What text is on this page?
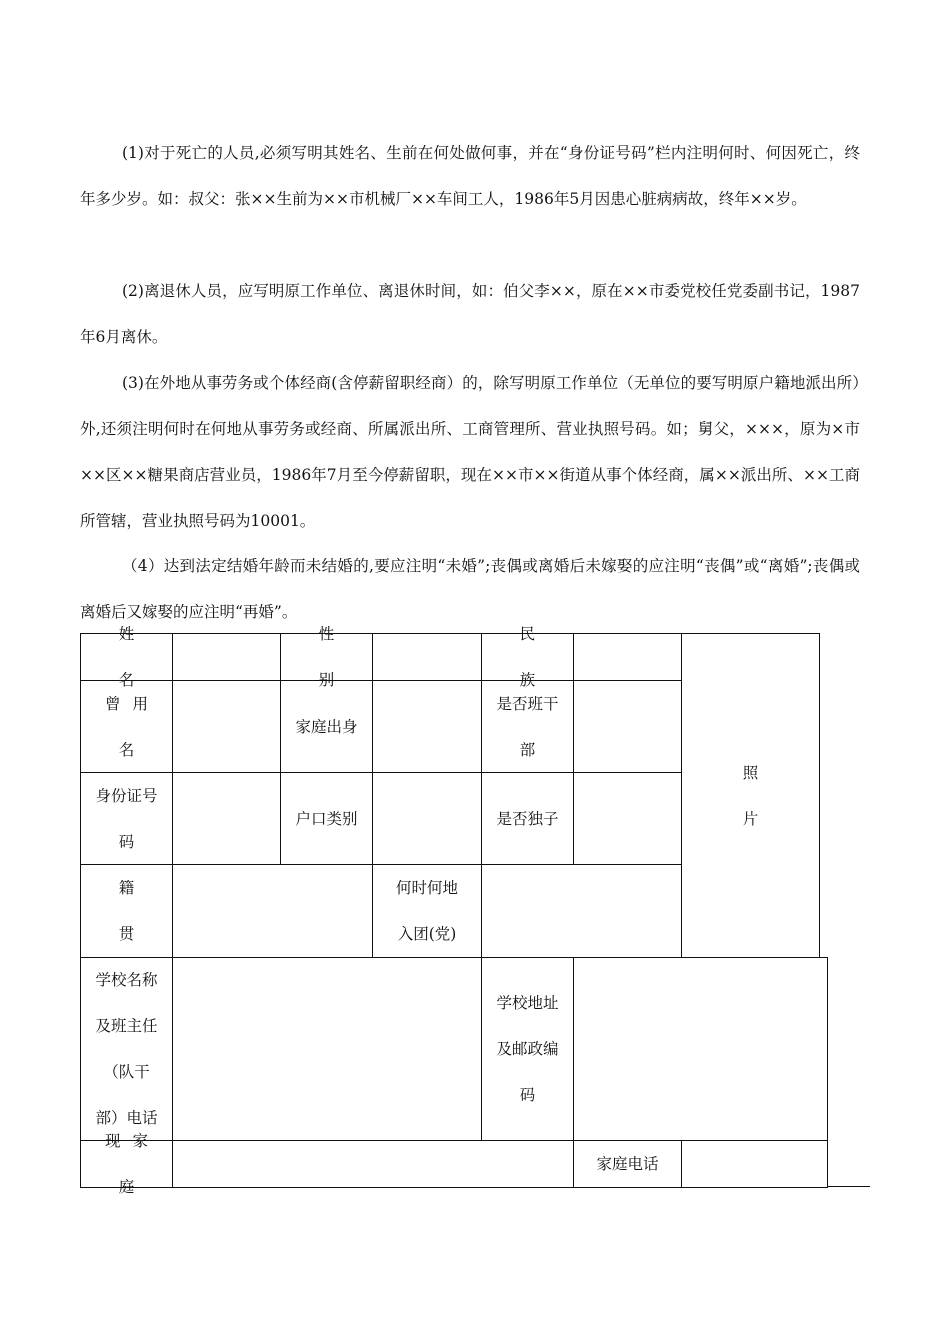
(1)对于死亡的人员,必须写明其姓名、生前在何处做何事，并在“身份证号码”栏内注明何时、何因死亡，终年多少岁。如：叔父：张××生前为××市机械厂××车间工人，1986年5月因患心脏病病故，终年××岁。

(2)离退休人员，应写明原工作单位、离退休时间，如：伯父李××，原在××市委党校任党委副书记，1987年6月离休。

(3)在外地从事劳务或个体经商(含停薪留职经商）的，除写明原工作单位（无单位的要写明原户籍地派出所）外,还须注明何时在何地从事劳务或经商、所属派出所、工商管理所、营业执照号码。如；舅父，×××，原为×市××区××糖果商店营业员，1986年7月至今停薪留职，现在××市××街道从事个体经商，属××派出所、××工商所管辖，营业执照号码为10001。

（4）达到法定结婚年龄而未结婚的,要应注明“未婚”;丧偶或离婚后未嫁娶的应注明“丧偶”或“离婚”;丧偶或离婚后又嫁娶的应注明“再婚”。

姓名
性别
民族
照
片
曾用名
家庭出身
是否班干部
身份证号码
户口类别	是否独子
籍贯
何时何地入团(党)
学校名称及班主任（队干部）电话
学校地址及邮政编码
现家庭
家庭电话
